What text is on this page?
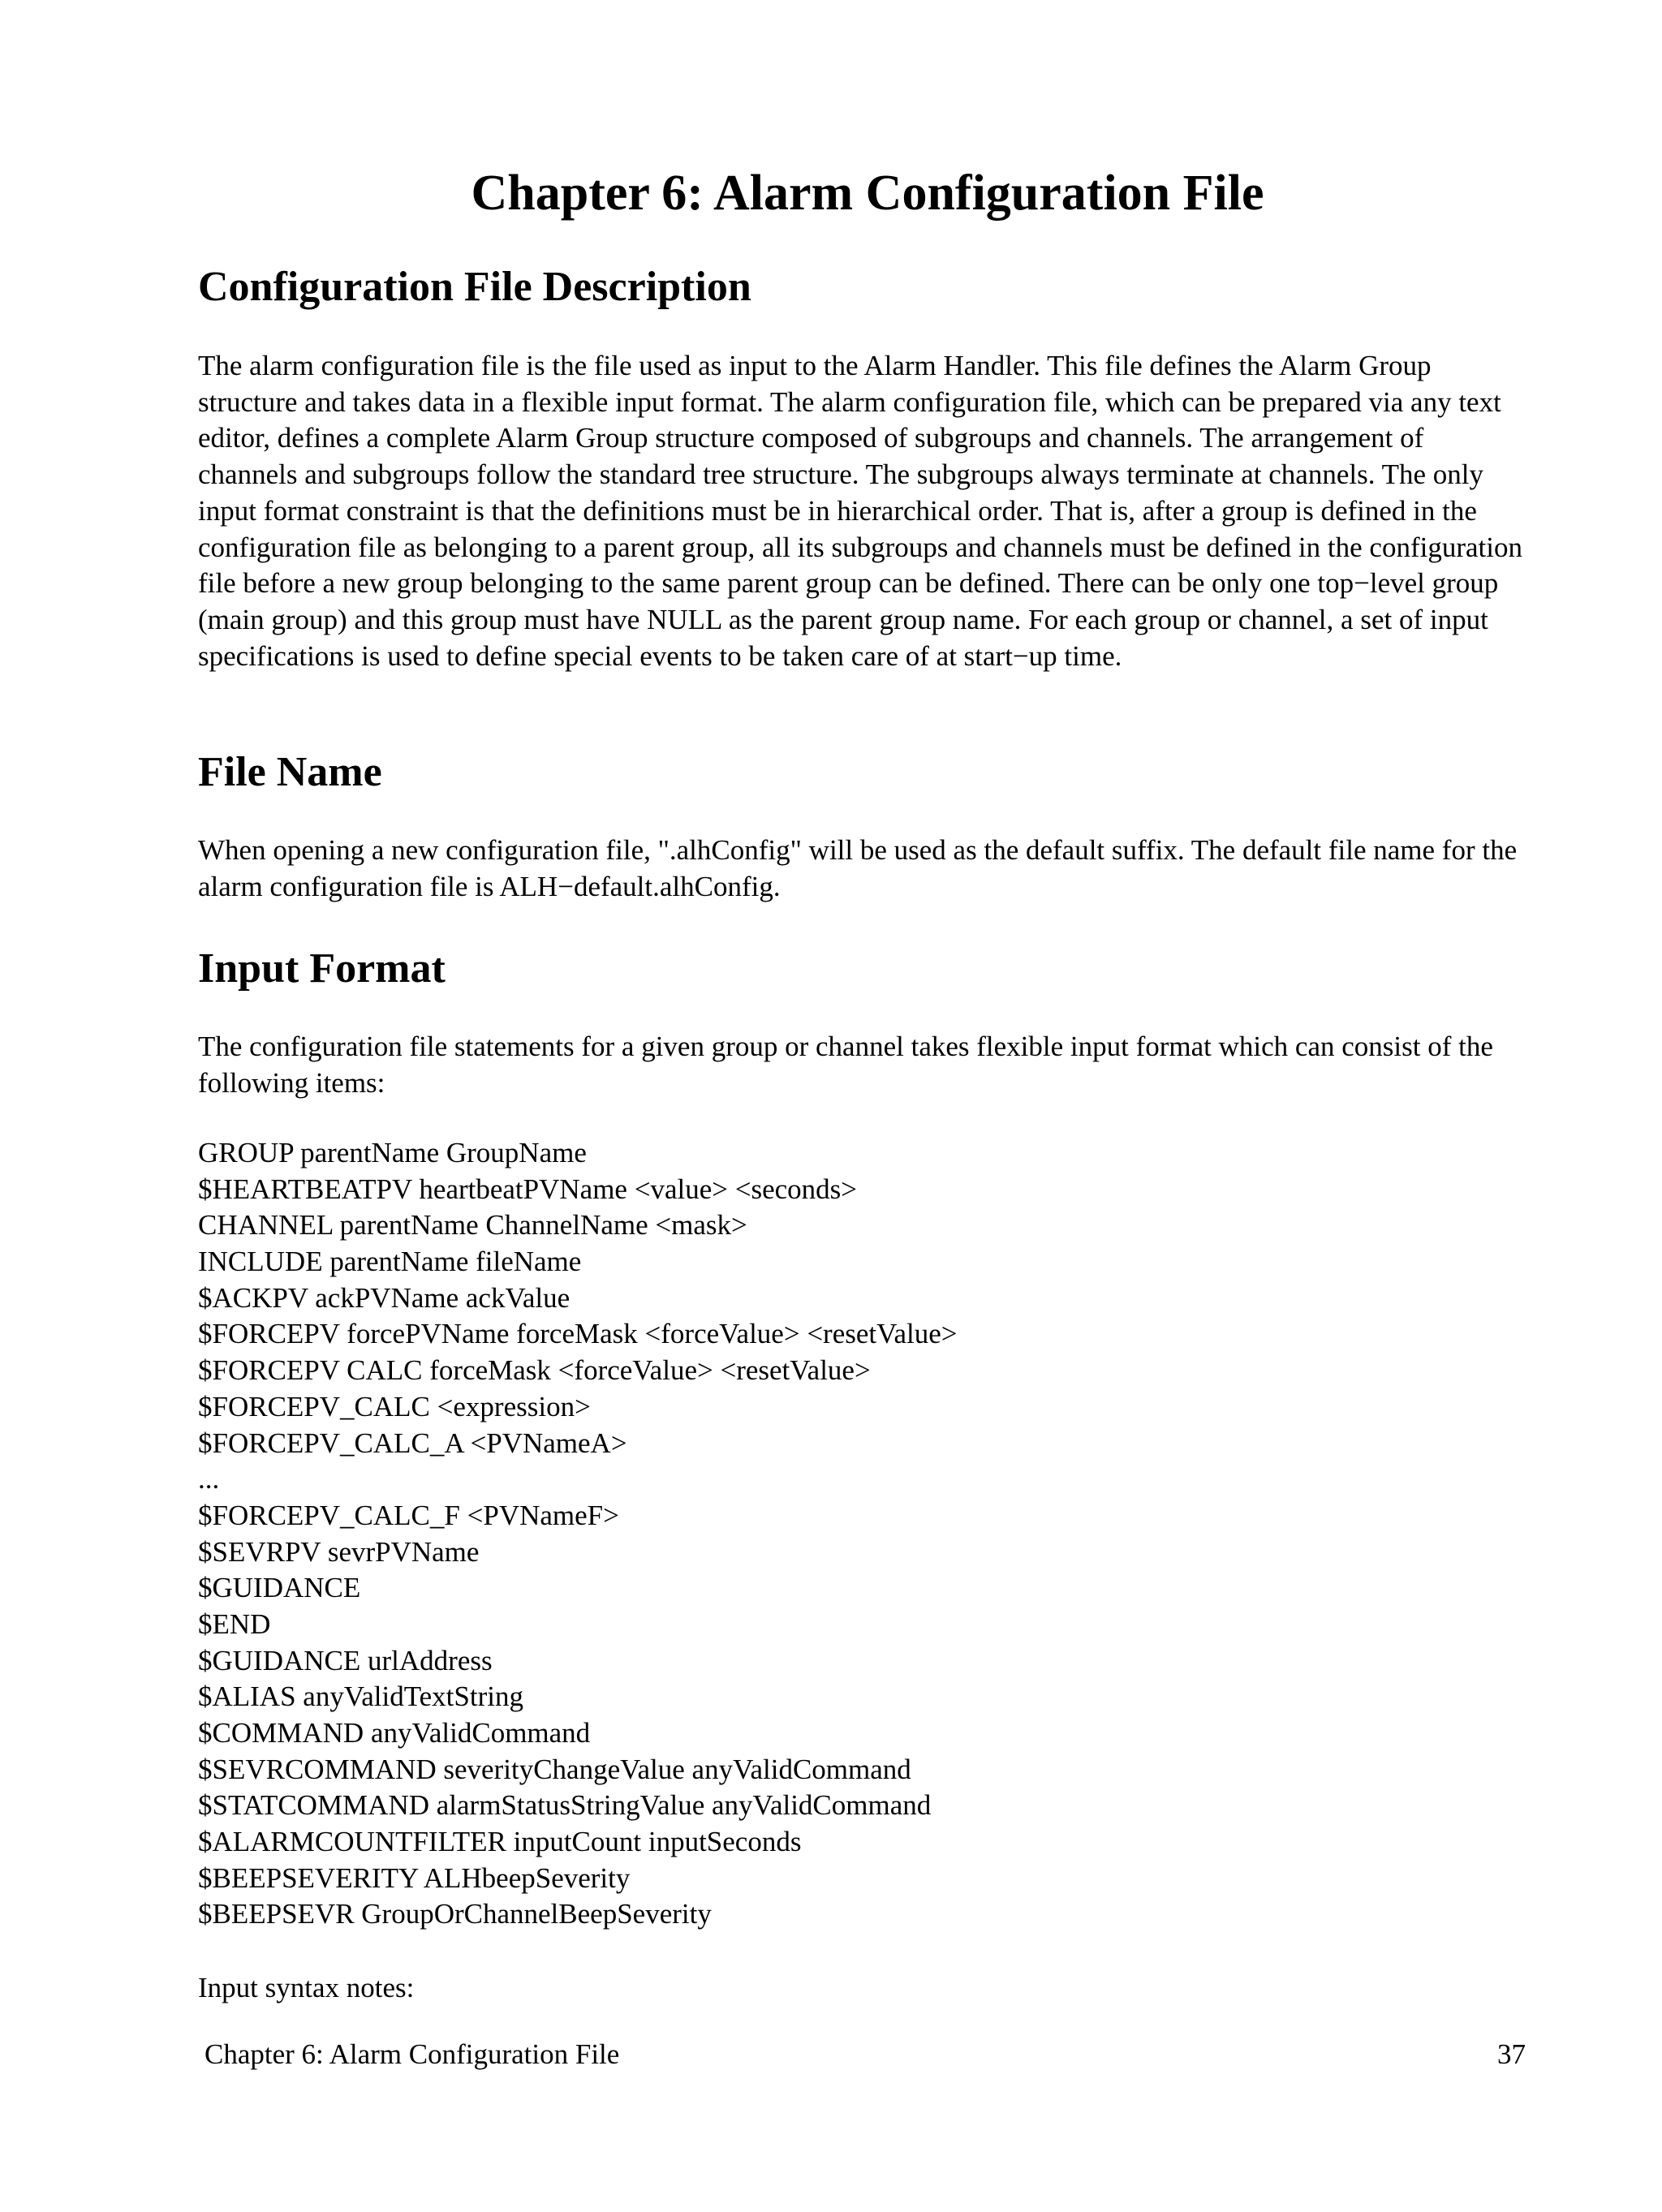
Chapter 6: Alarm Configuration File
Configuration File Description

The alarm configuration file is the file used as input to the Alarm Handler. This file defines the Alarm Group structure and takes data in a flexible input format. The alarm configuration file, which can be prepared via any text editor, defines a complete Alarm Group structure composed of subgroups and channels. The arrangement of channels and subgroups follow the standard tree structure. The subgroups always terminate at channels. The only input format constraint is that the definitions must be in hierarchical order. That is, after a group is defined in the configuration file as belonging to a parent group, all its subgroups and channels must be defined in the configuration file before a new group belonging to the same parent group can be defined. There can be only one top−level group (main group) and this group must have NULL as the parent group name. For each group or channel, a set of input specifications is used to define special events to be taken care of at start−up time.

File Name

When opening a new configuration file, ".alhConfig" will be used as the default suffix. The default file name for the alarm configuration file is ALH−default.alhConfig.

Input Format

The configuration file statements for a given group or channel takes flexible input format which can consist of the following items:

GROUP parentName GroupName
$HEARTBEATPV heartbeatPVName <value> <seconds>
CHANNEL parentName ChannelName <mask>
INCLUDE parentName fileName
$ACKPV ackPVName ackValue
$FORCEPV forcePVName forceMask <forceValue> <resetValue>
$FORCEPV CALC forceMask <forceValue> <resetValue>
$FORCEPV_CALC <expression>
$FORCEPV_CALC_A <PVNameA>
...
$FORCEPV_CALC_F <PVNameF>
$SEVRPV sevrPVName
$GUIDANCE
$END
$GUIDANCE urlAddress
$ALIAS anyValidTextString
$COMMAND anyValidCommand
$SEVRCOMMAND severityChangeValue anyValidCommand
$STATCOMMAND alarmStatusStringValue anyValidCommand
$ALARMCOUNTFILTER inputCount inputSeconds
$BEEPSEVERITY ALHbeepSeverity
$BEEPSEVR GroupOrChannelBeepSeverity

Input syntax notes:

Chapter 6: Alarm Configuration File	37
